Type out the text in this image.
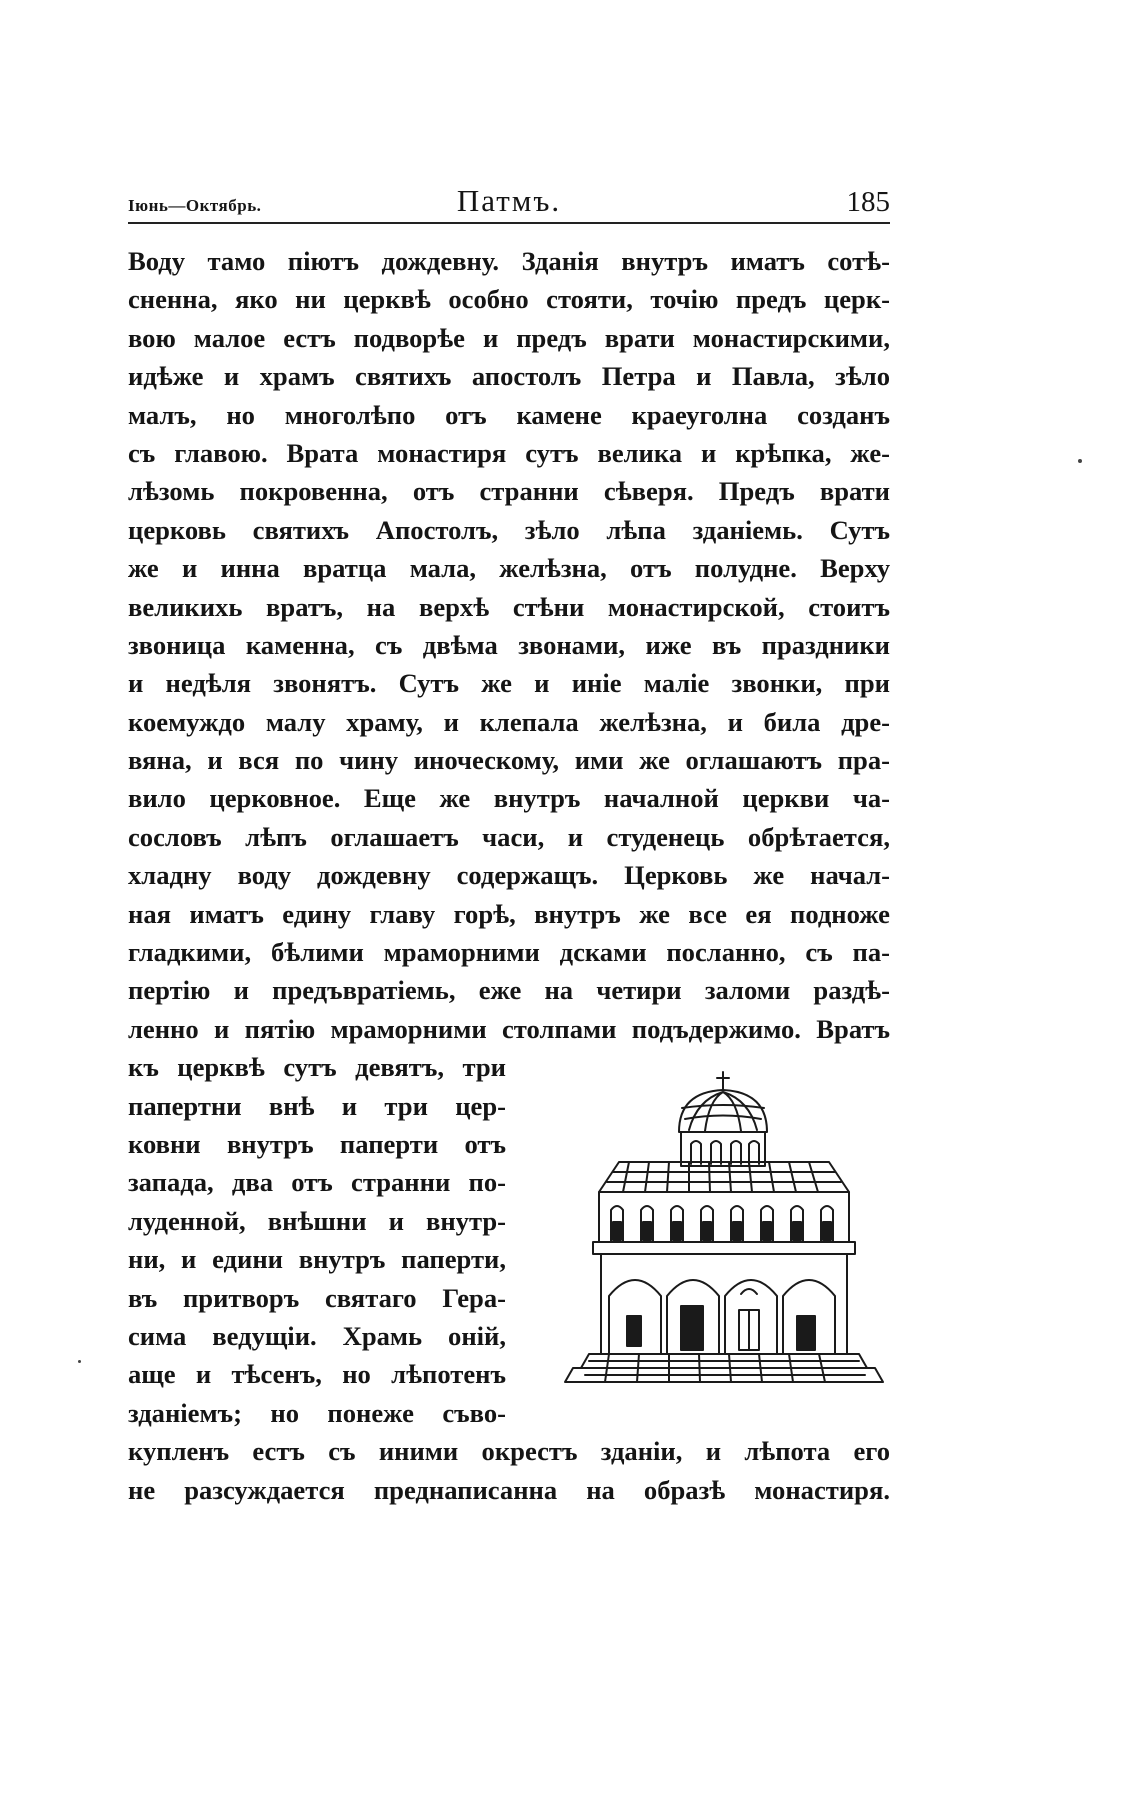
Іюнь—Октябрь.	Патмъ.	185
Воду тамо піютъ дождевну. Зданія внутръ иматъ сотѣ-
сненна, яко ни церквѣ особно стояти, точію предъ церк-
вою малое естъ подворѣе и предъ врати монастирскими,
идѣже и храмъ святихъ апостолъ Петра и Павла, зѣло
малъ, но многолѣпо отъ камене краеуголна созданъ
съ главою. Врата монастиря сутъ велика и крѣпка, же-
лѣзомь покровенна, отъ странни сѣверя. Предъ врати
церковь святихъ Апостолъ, зѣло лѣпа зданіемь. Сутъ
же и инна вратца мала, желѣзна, отъ полудне. Верху
великихь вратъ, на верхѣ стѣни монастирской, стоитъ
звоница каменна, съ двѣма звонами, иже въ праздники
и недѣля звонятъ. Сутъ же и иніе маліе звонки, при
коемуждо малу храму, и клепала желѣзна, и била дре-
вяна, и вся по чину иноческому, ими же оглашаютъ пра-
вило церковное. Еще же внутръ началной церкви ча-
сословъ лѣпъ оглашаетъ часи, и студенець обрѣтается,
хладну воду дождевну содержащъ. Церковь же начал-
ная иматъ едину главу горѣ, внутръ же все ея подноже
гладкими, бѣлими мраморними дсками посланно, съ па-
пертію и предъвратіемь, еже на четири заломи раздѣ-
ленно и пятію мраморними столпами подъдержимо. Вратъ
къ церквѣ сутъ девятъ, три
папертни внѣ и три цер-
ковни внутръ паперти отъ
запада, два отъ странни по-
луденной, внѣшни и внутр-
ни, и едини внутръ паперти,
въ притворъ святаго Гера-
сима ведущіи. Храмь оній,
аще и тѣсенъ, но лѣпотенъ
зданіемъ; но понеже съво-
купленъ естъ съ иними окрестъ зданіи, и лѣпота его
не разсуждается преднаписанна на образѣ монастиря.
